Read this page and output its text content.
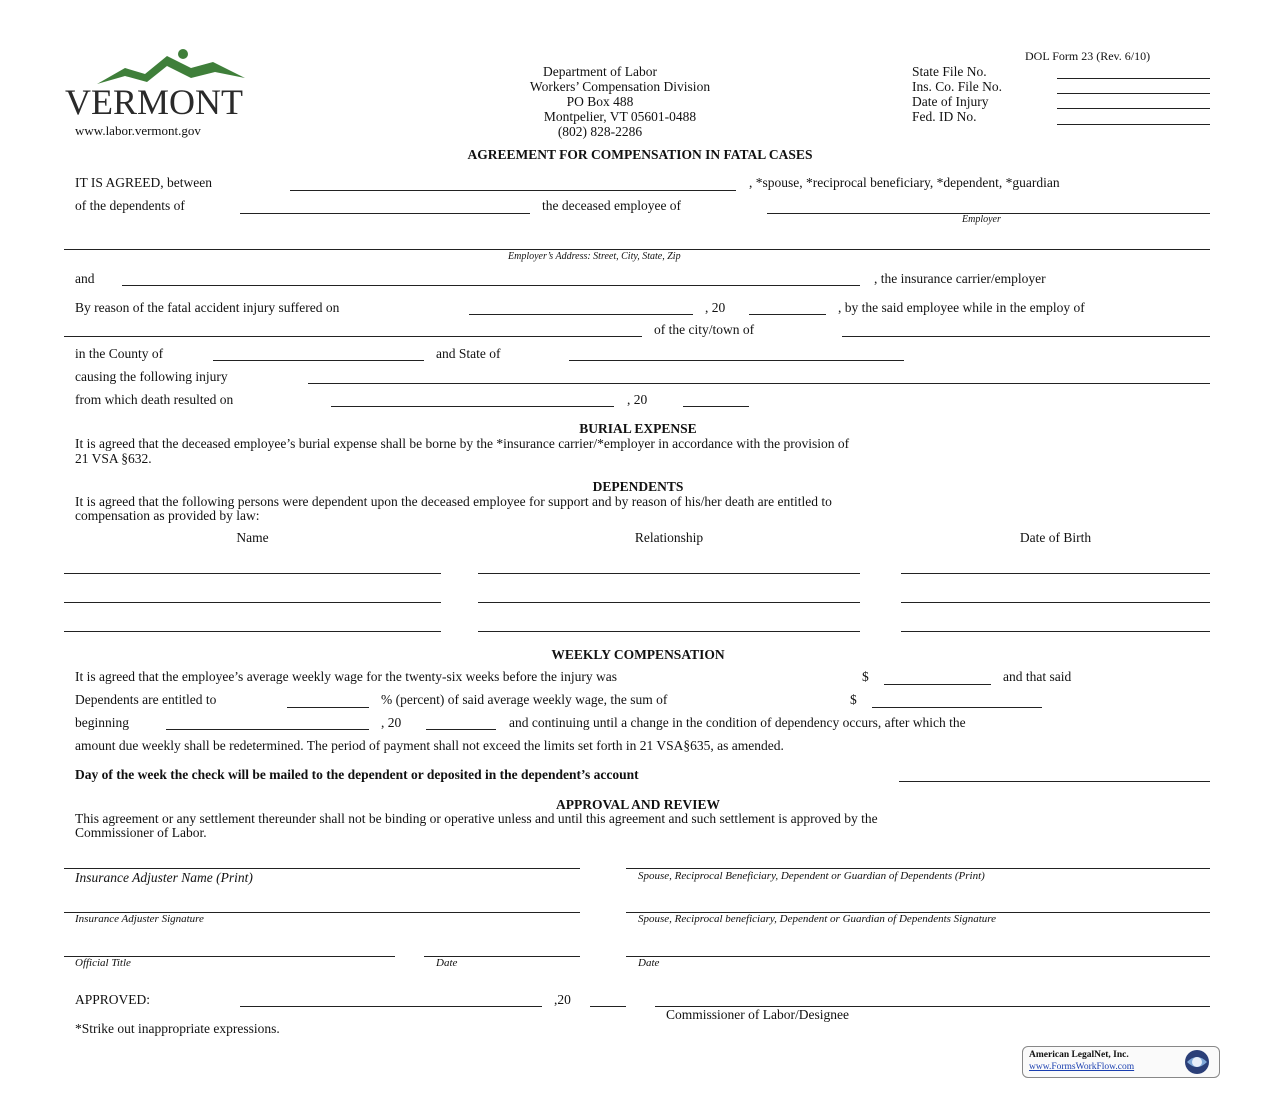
DOL Form 23 (Rev. 6/10)
VERMONT
www.labor.vermont.gov
Department of Labor
Workers’ Compensation Division
PO Box 488
Montpelier, VT 05601-0488
(802) 828-2286
State File No.
Ins. Co. File No.
Date of Injury
Fed. ID No.
AGREEMENT FOR COMPENSATION IN FATAL CASES
IT IS AGREED, between	, *spouse, *reciprocal beneficiary, *dependent, *guardian
of the dependents of	the deceased employee of
Employer
Employer’s Address: Street, City, State, Zip
and	, the insurance carrier/employer
By reason of the fatal accident injury suffered on	, 20	, by the said employee while in the employ of
of the city/town of
in the County of	and State of
causing the following injury
from which death resulted on	, 20
BURIAL EXPENSE
It is agreed that the deceased employee’s burial expense shall be borne by the *insurance carrier/*employer in accordance with the provision of
21 VSA §632.
DEPENDENTS
It is agreed that the following persons were dependent upon the deceased employee for support and by reason of his/her death are entitled to
compensation as provided by law:
Name	Relationship	Date of Birth
WEEKLY COMPENSATION
It is agreed that the employee’s average weekly wage for the twenty-six weeks before the injury was	$	and that said
Dependents are entitled to	% (percent) of said average weekly wage, the sum of	$
beginning	, 20	and continuing until a change in the condition of dependency occurs, after which the
amount due weekly shall be redetermined. The period of payment shall not exceed the limits set forth in 21 VSA§635, as amended.
Day of the week the check will be mailed to the dependent or deposited in the dependent’s account
APPROVAL AND REVIEW
This agreement or any settlement thereunder shall not be binding or operative unless and until this agreement and such settlement is approved by the
Commissioner of Labor.
Insurance Adjuster Name (Print)	Spouse, Reciprocal Beneficiary, Dependent or Guardian of Dependents (Print)
Insurance Adjuster Signature	Spouse, Reciprocal beneficiary, Dependent or Guardian of Dependents Signature
Official Title	Date	Date
APPROVED:	,20
Commissioner of Labor/Designee
*Strike out inappropriate expressions.
American LegalNet, Inc.
www.FormsWorkFlow.com
